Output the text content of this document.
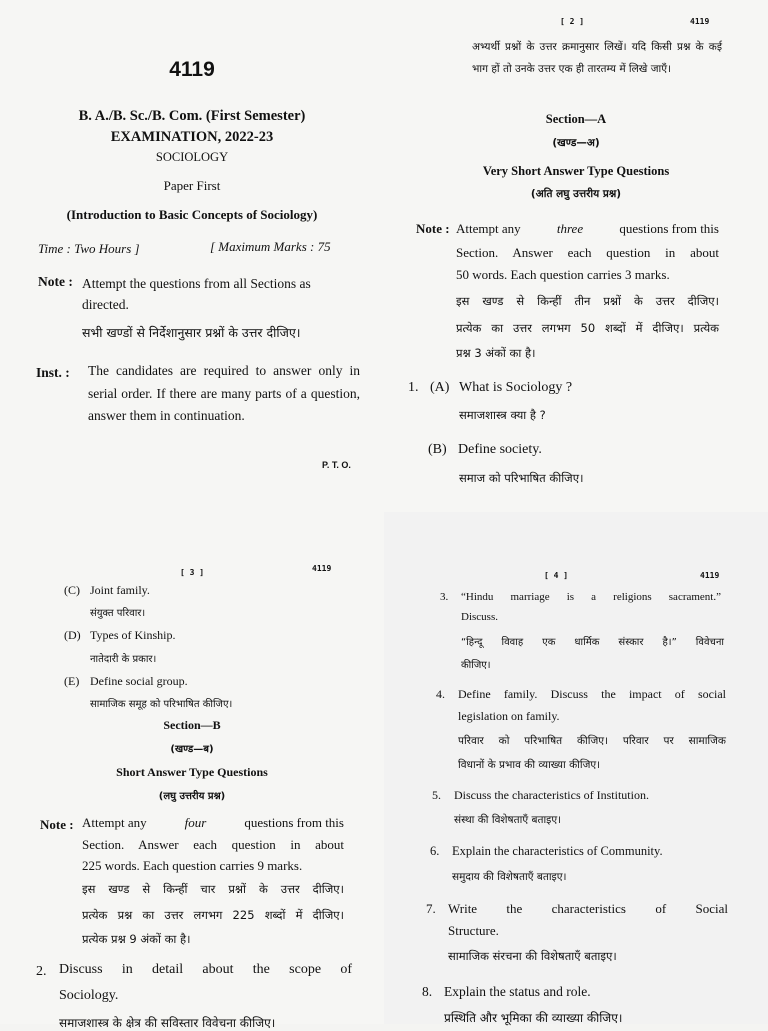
4119
B. A./B. Sc./B. Com. (First Semester)
EXAMINATION, 2022-23
SOCIOLOGY
Paper First
(Introduction to Basic Concepts of Sociology)
Time : Two Hours ]	[ Maximum Marks : 75
Note : Attempt the questions from all Sections as directed.
सभी खण्डों से निर्देशानुसार प्रश्नों के उत्तर दीजिए।
Inst. : The candidates are required to answer only in serial order. If there are many parts of a question, answer them in continuation.
P. T. O.
[ 2 ]	4119
अभ्यर्थी प्रश्नों के उत्तर क्रमानुसार लिखें। यदि किसी प्रश्न के कई भाग हों तो उनके उत्तर एक ही तारतम्य में लिखे जाएँ।
Section—A
(खण्ड—अ)
Very Short Answer Type Questions
(अति लघु उत्तरीय प्रश्न)
Note : Attempt any	three	questions from this
Section. Answer each question in about
50 words. Each question carries 3 marks.
इस खण्ड से किन्हीं तीन प्रश्नों के उत्तर दीजिए।
प्रत्येक का उत्तर लगभग 50 शब्दों में दीजिए। प्रत्येक
प्रश्न 3 अंकों का है।
1. (A) What is Sociology ?
समाजशास्त्र क्या है ?
(B) Define society.
समाज को परिभाषित कीजिए।
[ 3 ]	4119
(C) Joint family.
संयुक्त परिवार।
(D) Types of Kinship.
नातेदारी के प्रकार।
(E) Define social group.
सामाजिक समूह को परिभाषित कीजिए।
Section—B
(खण्ड—ब)
Short Answer Type Questions
(लघु उत्तरीय प्रश्न)
Note : Attempt any	four	questions from this
Section. Answer each question in about
225 words. Each question carries 9 marks.
इस खण्ड से किन्हीं चार प्रश्नों के उत्तर दीजिए।
प्रत्येक प्रश्न का उत्तर लगभग 225 शब्दों में दीजिए।
प्रत्येक प्रश्न 9 अंकों का है।
2. Discuss in detail about the scope of
Sociology.
समाजशास्त्र के क्षेत्र की सविस्तार विवेचना कीजिए।
[ 4 ]	4119
3. “Hindu marriage is a religions sacrament.”
Discuss.
“हिन्दू विवाह एक धार्मिक संस्कार है।” विवेचना
कीजिए।
4. Define family. Discuss the impact of social
legislation on family.
परिवार को परिभाषित कीजिए। परिवार पर सामाजिक
विधानों के प्रभाव की व्याख्या कीजिए।
5. Discuss the characteristics of Institution.
संस्था की विशेषताएँ बताइए।
6. Explain the characteristics of Community.
समुदाय की विशेषताएँ बताइए।
7. Write the characteristics of Social
Structure.
सामाजिक संरचना की विशेषताएँ बताइए।
8. Explain the status and role.
प्रस्थिति और भूमिका की व्याख्या कीजिए।
